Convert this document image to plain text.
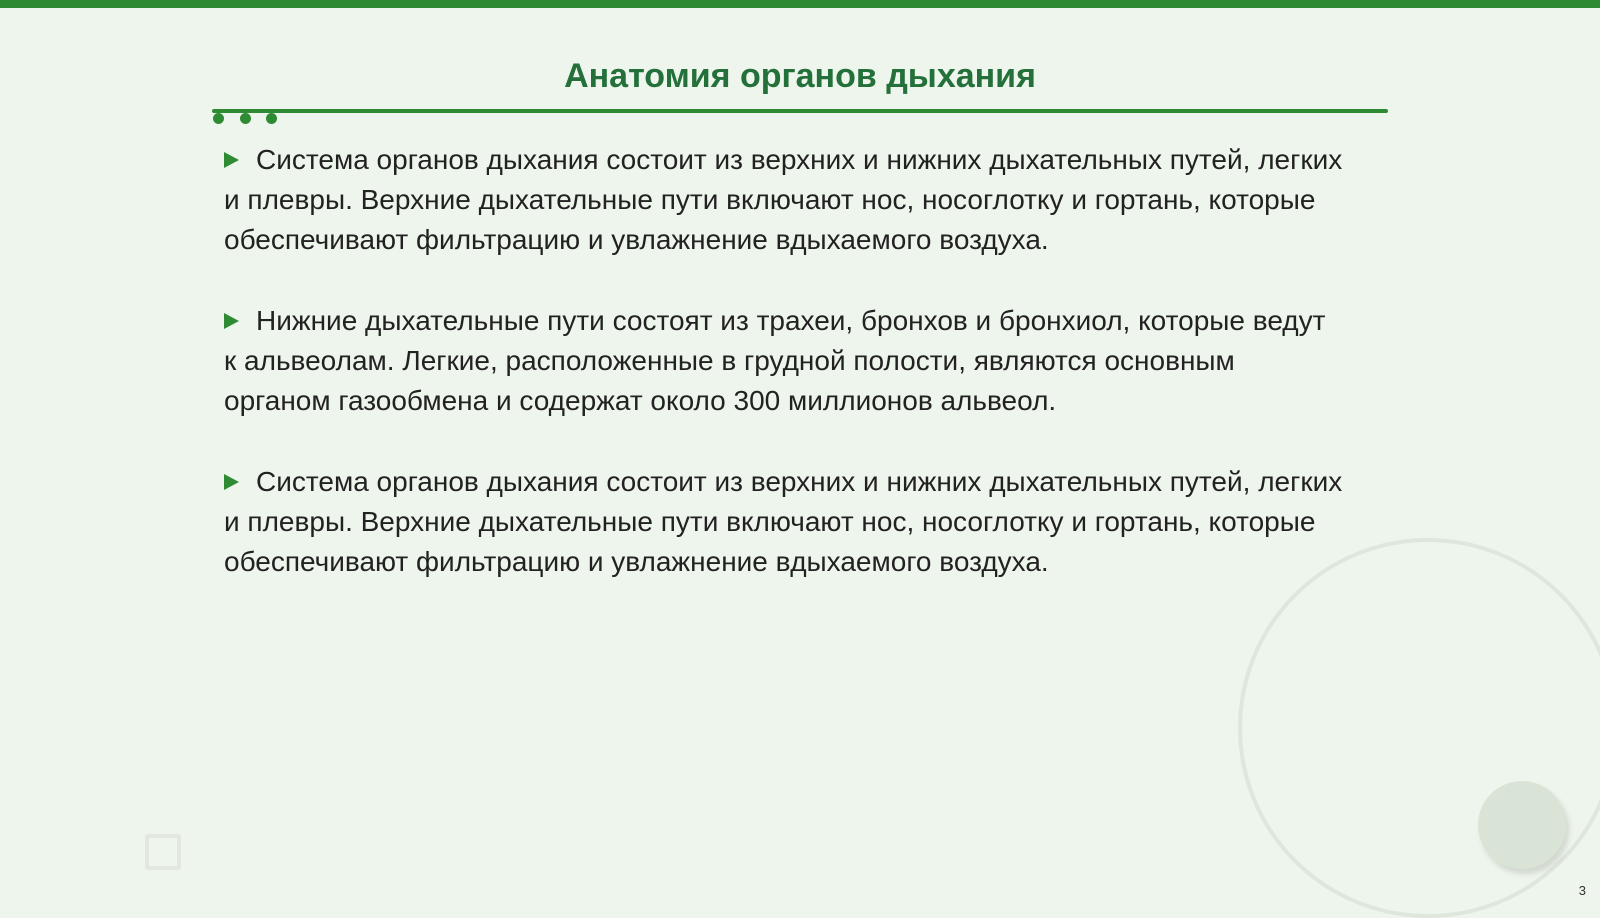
Анатомия органов дыхания
Система органов дыхания состоит из верхних и нижних дыхательных путей, легких и плевры. Верхние дыхательные пути включают нос, носоглотку и гортань, которые обеспечивают фильтрацию и увлажнение вдыхаемого воздуха.
Нижние дыхательные пути состоят из трахеи, бронхов и бронхиол, которые ведут к альвеолам. Легкие, расположенные в грудной полости, являются основным органом газообмена и содержат около 300 миллионов альвеол.
Система органов дыхания состоит из верхних и нижних дыхательных путей, легких и плевры. Верхние дыхательные пути включают нос, носоглотку и гортань, которые обеспечивают фильтрацию и увлажнение вдыхаемого воздуха.
3
